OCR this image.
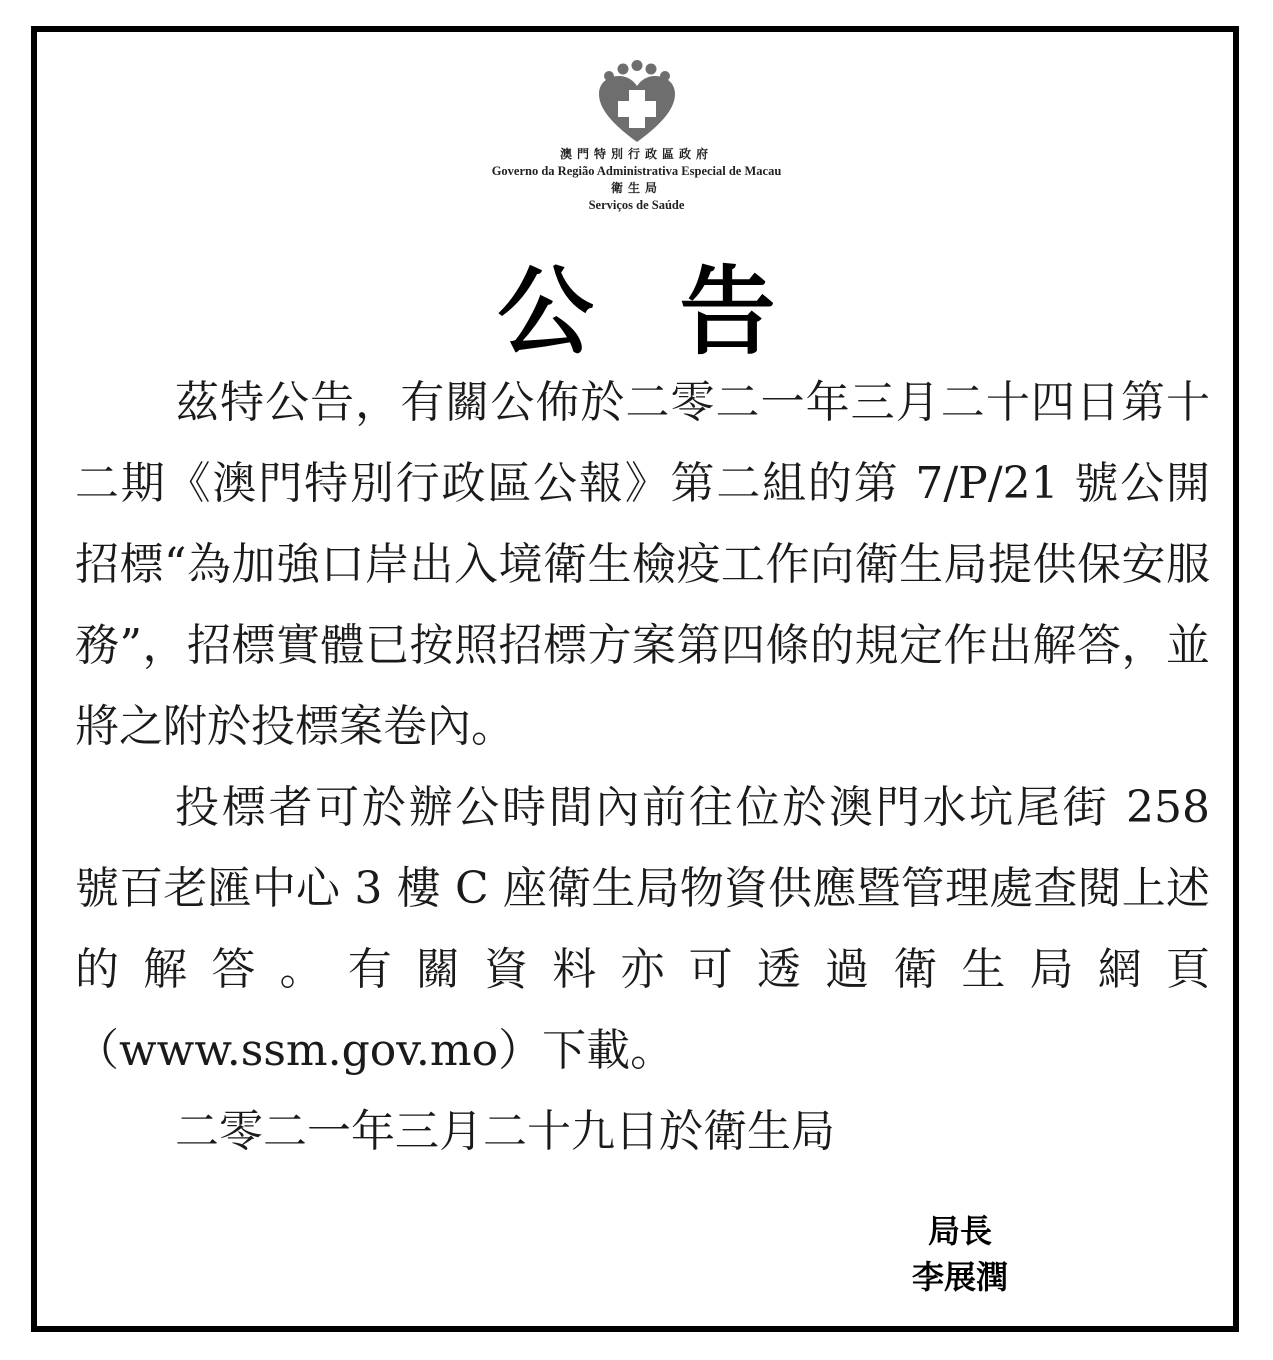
澳門特別行政區政府
Governo da Região Administrativa Especial de Macau
衛生局
Serviços de Saúde
公告

茲特公告，有關公佈於二零二一年三月二十四日第十二期《澳門特別行政區公報》第二組的第 7/P/21 號公開招標“為加強口岸出入境衛生檢疫工作向衛生局提供保安服務”，招標實體已按照招標方案第四條的規定作出解答，並將之附於投標案卷內。

投標者可於辦公時間內前往位於澳門水坑尾街 258 號百老匯中心 3 樓 C 座衛生局物資供應暨管理處查閱上述的解答。有關資料亦可透過衛生局網頁（www.ssm.gov.mo）下載。

二零二一年三月二十九日於衛生局

局長
李展潤
